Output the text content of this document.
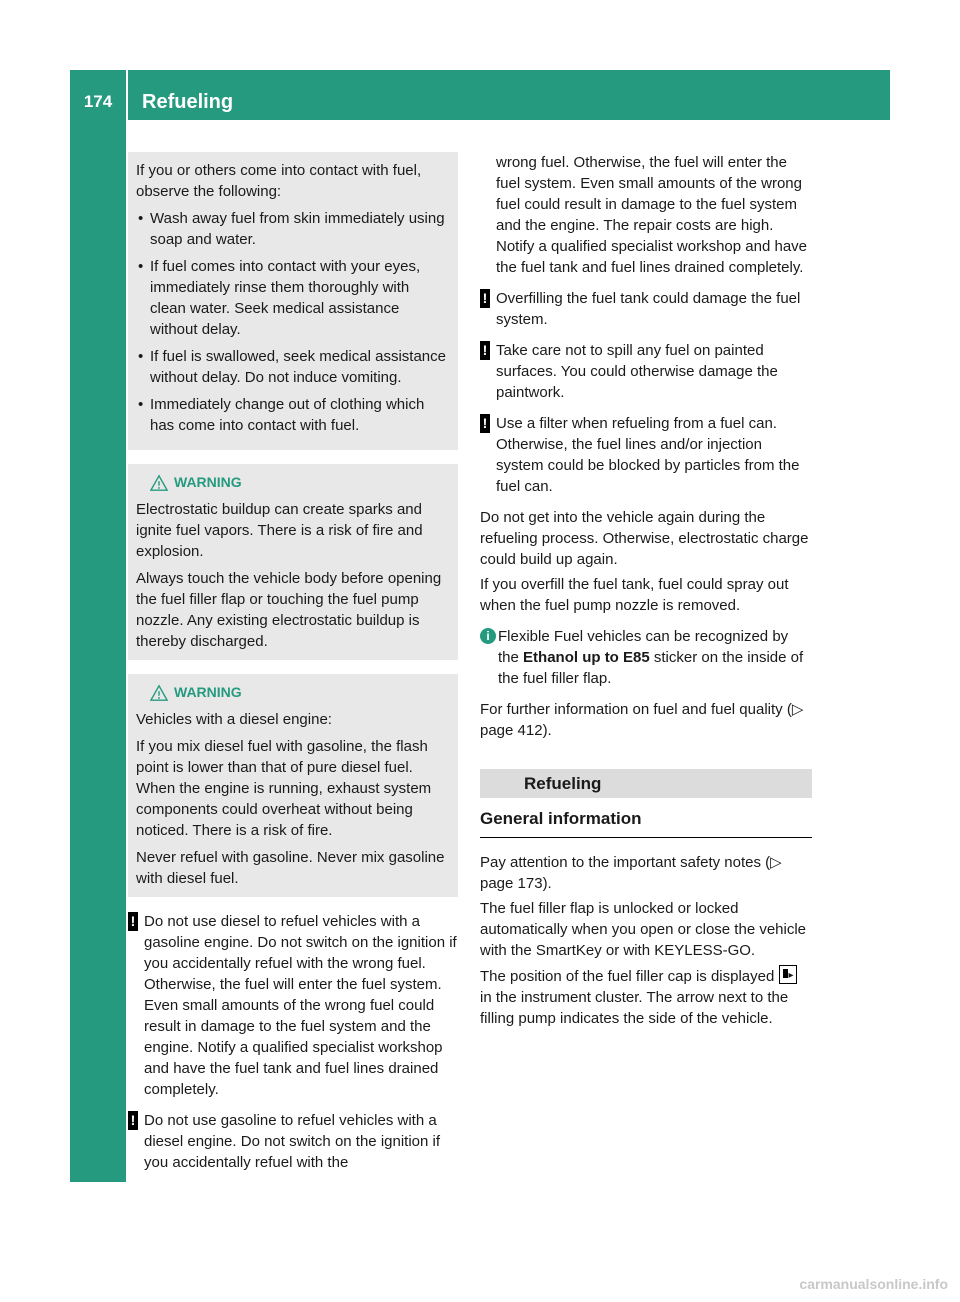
174	Refueling

If you or others come into contact with fuel, observe the following:

• Wash away fuel from skin immediately using soap and water.
• If fuel comes into contact with your eyes, immediately rinse them thoroughly with clean water. Seek medical assistance without delay.
• If fuel is swallowed, seek medical assistance without delay. Do not induce vomiting.
• Immediately change out of clothing which has come into contact with fuel.
WARNING

Electrostatic buildup can create sparks and ignite fuel vapors. There is a risk of fire and explosion.

Always touch the vehicle body before opening the fuel filler flap or touching the fuel pump nozzle. Any existing electrostatic buildup is thereby discharged.

WARNING

Vehicles with a diesel engine:

If you mix diesel fuel with gasoline, the flash point is lower than that of pure diesel fuel. When the engine is running, exhaust system components could overheat without being noticed. There is a risk of fire.

Never refuel with gasoline. Never mix gasoline with diesel fuel.

! Do not use diesel to refuel vehicles with a gasoline engine. Do not switch on the ignition if you accidentally refuel with the wrong fuel. Otherwise, the fuel will enter the fuel system. Even small amounts of the wrong fuel could result in damage to the fuel system and the engine. Notify a qualified specialist workshop and have the fuel tank and fuel lines drained completely.
! Do not use gasoline to refuel vehicles with a diesel engine. Do not switch on the ignition if you accidentally refuel with the

wrong fuel. Otherwise, the fuel will enter the fuel system. Even small amounts of the wrong fuel could result in damage to the fuel system and the engine. The repair costs are high. Notify a qualified specialist workshop and have the fuel tank and fuel lines drained completely.

! Overfilling the fuel tank could damage the fuel system.
! Take care not to spill any fuel on painted surfaces. You could otherwise damage the paintwork.
! Use a filter when refueling from a fuel can. Otherwise, the fuel lines and/or injection system could be blocked by particles from the fuel can.

Do not get into the vehicle again during the refueling process. Otherwise, electrostatic charge could build up again.

If you overfill the fuel tank, fuel could spray out when the fuel pump nozzle is removed.

i Flexible Fuel vehicles can be recognized by the Ethanol up to E85 sticker on the inside of the fuel filler flap.

For further information on fuel and fuel quality (▷ page 412).

Refueling
General information

Pay attention to the important safety notes (▷ page 173).

The fuel filler flap is unlocked or locked automatically when you open or close the vehicle with the SmartKey or with KEYLESS-GO.

The position of the fuel filler cap is displayed ▸ in the instrument cluster. The arrow next to the filling pump indicates the side of the vehicle.

carmanualsonline.info
